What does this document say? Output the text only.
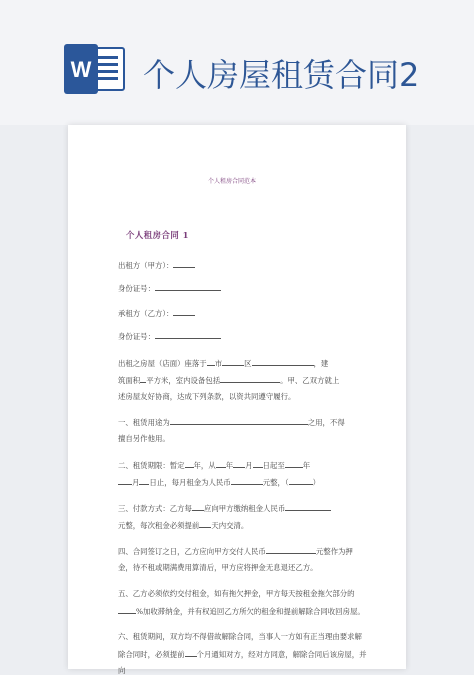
W 个人房屋租赁合同2
个人租房合同范本
个人租房合同 1
出租方（甲方）：
身份证号：
承租方（乙方）：
身份证号：
出租之房屋（店面）座落于 市	区	，建
筑面积 平方米，室内设备包括	。甲、乙双方就上
述房屋友好协商，达成下列条款，以资共同遵守履行。
一、租赁用途为	之用，不得
擅自另作他用。
二、租赁期限：暂定 年，从 年 月 日起至 年
月 日止，每月租金为人民币	元整，（	）
三、付款方式：乙方每 应向甲方缴纳租金人民币
元整，每次租金必须提前 天内交清。
四、合同签订之日，乙方应向甲方交付人民币	元整作为押
金，待不租或期满费用算清后，甲方应将押金无息退还乙方。
五、乙方必须依约交付租金，如有拖欠押金，甲方每天按租金拖欠部分的
%加收滞纳金，并有权追回乙方所欠的租金和提前解除合同收回房屋。
六、租赁期间，双方均不得借故解除合同，当事人一方如有正当理由要求解
除合同时，必须提前 个月通知对方，经对方同意，解除合同后该房屋，并
向
